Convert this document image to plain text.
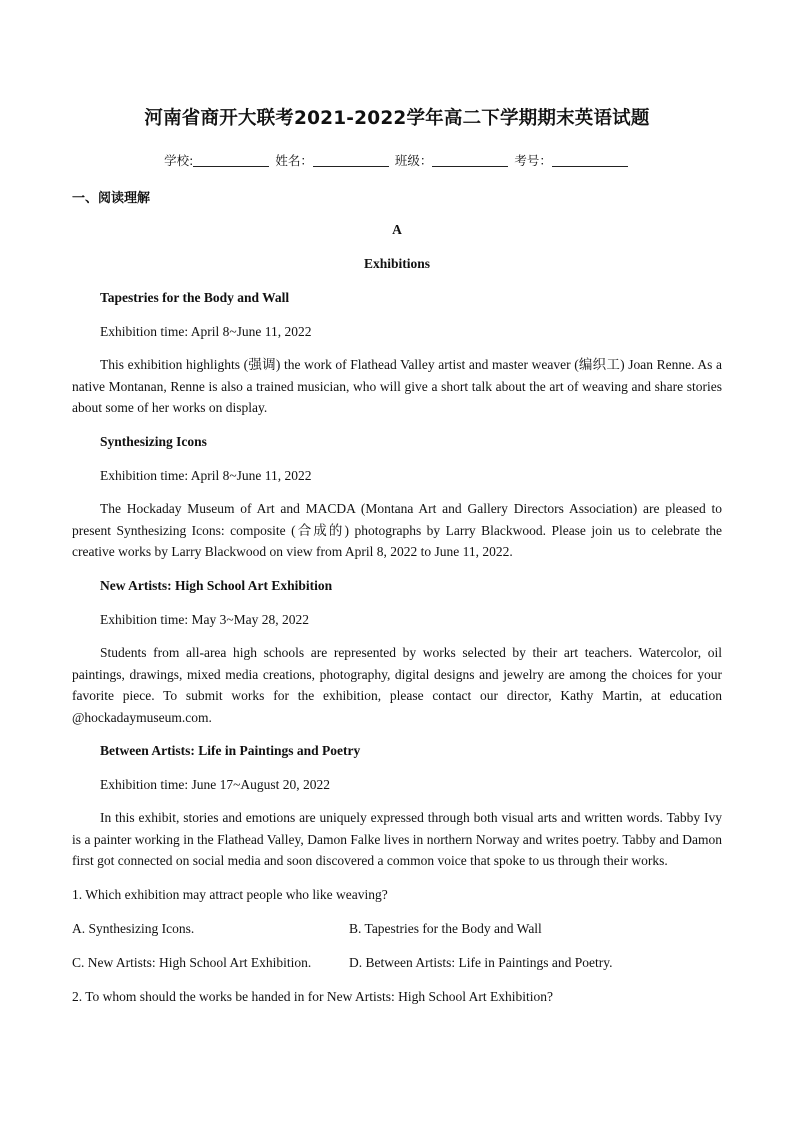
河南省商开大联考2021-2022学年高二下学期期末英语试题
学校:	姓名：	班级：	考号：
一、阅读理解
A
Exhibitions
Tapestries for the Body and Wall
Exhibition time: April 8~June 11, 2022
This exhibition highlights (强调) the work of Flathead Valley artist and master weaver (编织工) Joan Renne. As a native Montanan, Renne is also a trained musician, who will give a short talk about the art of weaving and share stories about some of her works on display.
Synthesizing Icons
Exhibition time: April 8~June 11, 2022
The Hockaday Museum of Art and MACDA (Montana Art and Gallery Directors Association) are pleased to present Synthesizing Icons: composite (合成的) photographs by Larry Blackwood. Please join us to celebrate the creative works by Larry Blackwood on view from April 8, 2022 to June 11, 2022.
New Artists: High School Art Exhibition
Exhibition time: May 3~May 28, 2022
Students from all-area high schools are represented by works selected by their art teachers. Watercolor, oil paintings, drawings, mixed media creations, photography, digital designs and jewelry are among the choices for your favorite piece. To submit works for the exhibition, please contact our director, Kathy Martin, at education @hockadaymuseum.com.
Between Artists: Life in Paintings and Poetry
Exhibition time: June 17~August 20, 2022
In this exhibit, stories and emotions are uniquely expressed through both visual arts and written words. Tabby Ivy is a painter working in the Flathead Valley, Damon Falke lives in northern Norway and writes poetry. Tabby and Damon first got connected on social media and soon discovered a common voice that spoke to us through their works.
1. Which exhibition may attract people who like weaving?
A. Synthesizing Icons.	B. Tapestries for the Body and Wall
C. New Artists: High School Art Exhibition.	D. Between Artists: Life in Paintings and Poetry.
2. To whom should the works be handed in for New Artists: High School Art Exhibition?
